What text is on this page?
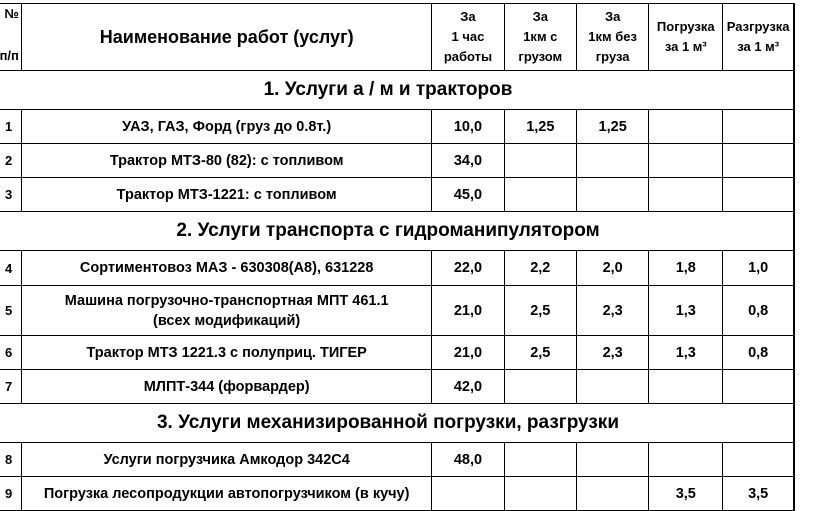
№
п/п	Наименование работ (услуг)	За
1 час
работы	За
1км с
грузом	За
1км без
груза	Погрузка
за 1 м³	Разгрузка
за 1 м³

1. Услуги а / м и тракторов						
1	УАЗ, ГАЗ, Форд (груз до 0.8т.)	10,0	1,25	1,25		
2	Трактор МТЗ-80 (82): с топливом	34,0				
3	Трактор МТЗ-1221: с топливом	45,0				
2. Услуги транспорта с гидроманипулятором						
4	Сортиментовоз МАЗ - 630308(А8), 631228	22,0	2,2	2,0	1,8	1,0
5	Машина погрузочно-транспортная МПТ 461.1
(всех модификаций)	21,0	2,5	2,3	1,3	0,8
6	Трактор МТЗ 1221.3 с полуприц. ТИГЕР	21,0	2,5	2,3	1,3	0,8
7	МЛПТ-344 (форвардер)	42,0				
3. Услуги механизированной погрузки, разгрузки						
8	Услуги погрузчика Амкодор 342С4	48,0				
9	Погрузка лесопродукции автопогрузчиком (в кучу)				3,5	3,5
